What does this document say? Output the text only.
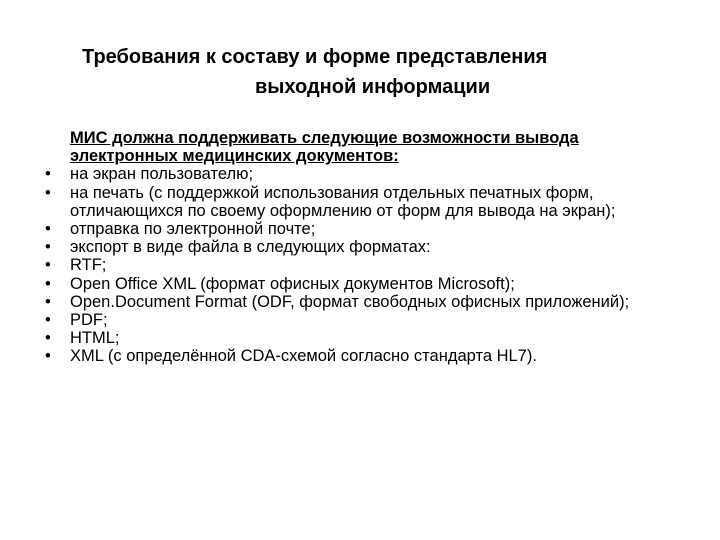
Требования к составу и форме представления
выходной информации

МИС должна поддерживать следующие возможности вывода электронных медицинских документов:

•	на экран пользователю;
•	на печать (с поддержкой использования отдельных печатных форм, отличающихся по своему оформлению от форм для вывода на экран);
•	отправка по электронной почте;
•	экспорт в виде файла в следующих форматах:
•	RTF;
•	Open Office XML (формат офисных документов Microsoft);
•	Open.Document Format (ODF, формат свободных офисных приложений);
•	PDF;
•	HTML;
•	XML (с определённой CDA-схемой согласно стандарта HL7).
